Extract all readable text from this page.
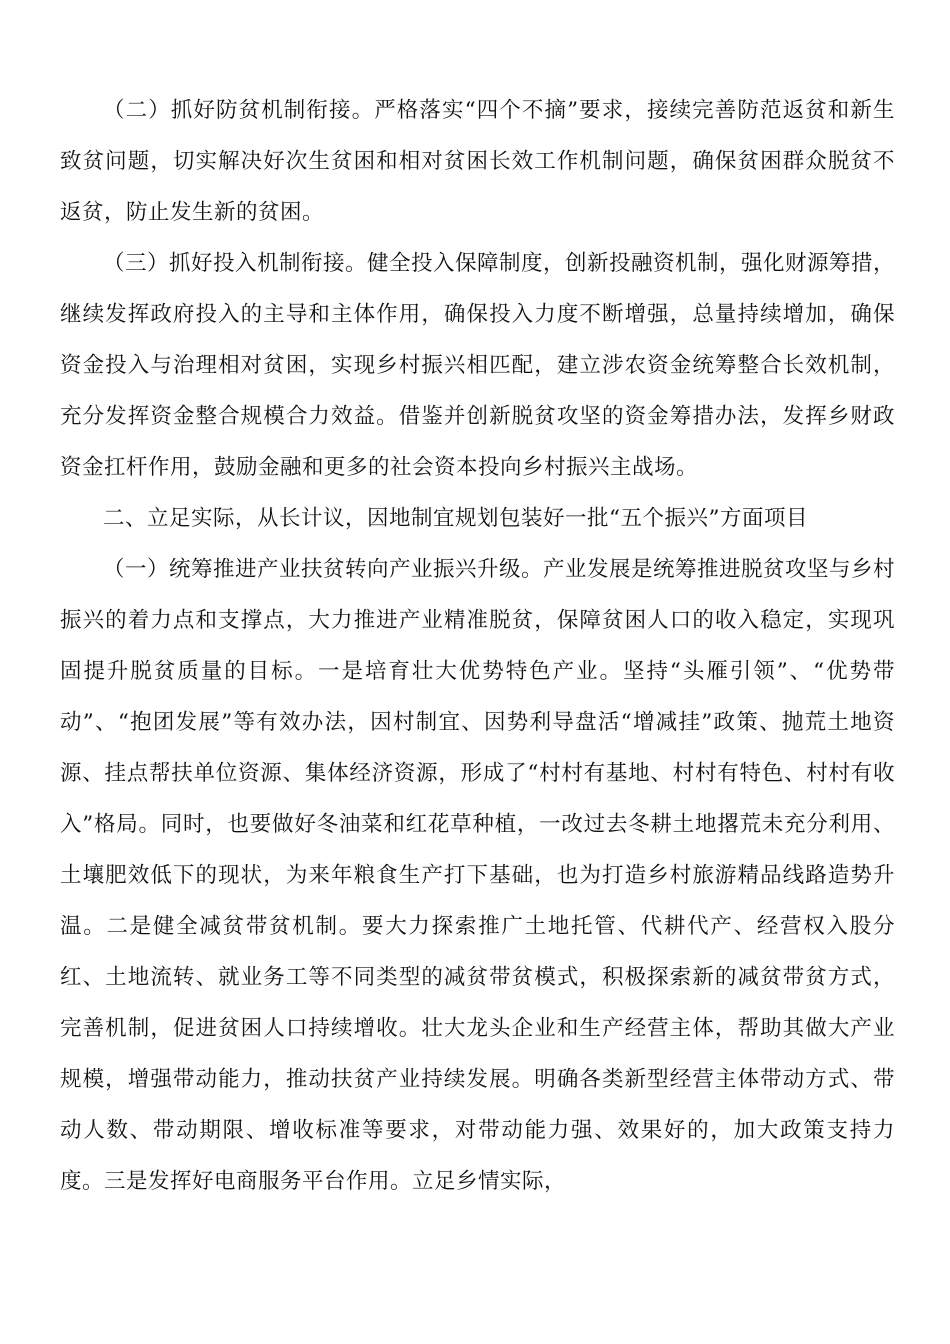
（二）抓好防贫机制衔接。严格落实“四个不摘”要求，接续完善防范返贫和新生致贫问题，切实解决好次生贫困和相对贫困长效工作机制问题，确保贫困群众脱贫不返贫，防止发生新的贫困。

（三）抓好投入机制衔接。健全投入保障制度，创新投融资机制，强化财源筹措，继续发挥政府投入的主导和主体作用，确保投入力度不断增强，总量持续增加，确保资金投入与治理相对贫困，实现乡村振兴相匹配，建立涉农资金统筹整合长效机制，充分发挥资金整合规模合力效益。借鉴并创新脱贫攻坚的资金筹措办法，发挥乡财政资金扛杆作用，鼓励金融和更多的社会资本投向乡村振兴主战场。

二、立足实际，从长计议，因地制宜规划包装好一批“五个振兴”方面项目

（一）统筹推进产业扶贫转向产业振兴升级。产业发展是统筹推进脱贫攻坚与乡村振兴的着力点和支撑点，大力推进产业精准脱贫，保障贫困人口的收入稳定，实现巩固提升脱贫质量的目标。一是培育壮大优势特色产业。坚持“头雁引领”、“优势带动”、“抱团发展”等有效办法，因村制宜、因势利导盘活“增减挂”政策、抛荒土地资源、挂点帮扶单位资源、集体经济资源，形成了“村村有基地、村村有特色、村村有收入”格局。同时，也要做好冬油菜和红花草种植，一改过去冬耕土地撂荒未充分利用、土壤肥效低下的现状，为来年粮食生产打下基础，也为打造乡村旅游精品线路造势升温。二是健全减贫带贫机制。要大力探索推广土地托管、代耕代产、经营权入股分红、土地流转、就业务工等不同类型的减贫带贫模式，积极探索新的减贫带贫方式，完善机制，促进贫困人口持续增收。壮大龙头企业和生产经营主体，帮助其做大产业规模，增强带动能力，推动扶贫产业持续发展。明确各类新型经营主体带动方式、带动人数、带动期限、增收标准等要求，对带动能力强、效果好的，加大政策支持力度。三是发挥好电商服务平台作用。立足乡情实际，
